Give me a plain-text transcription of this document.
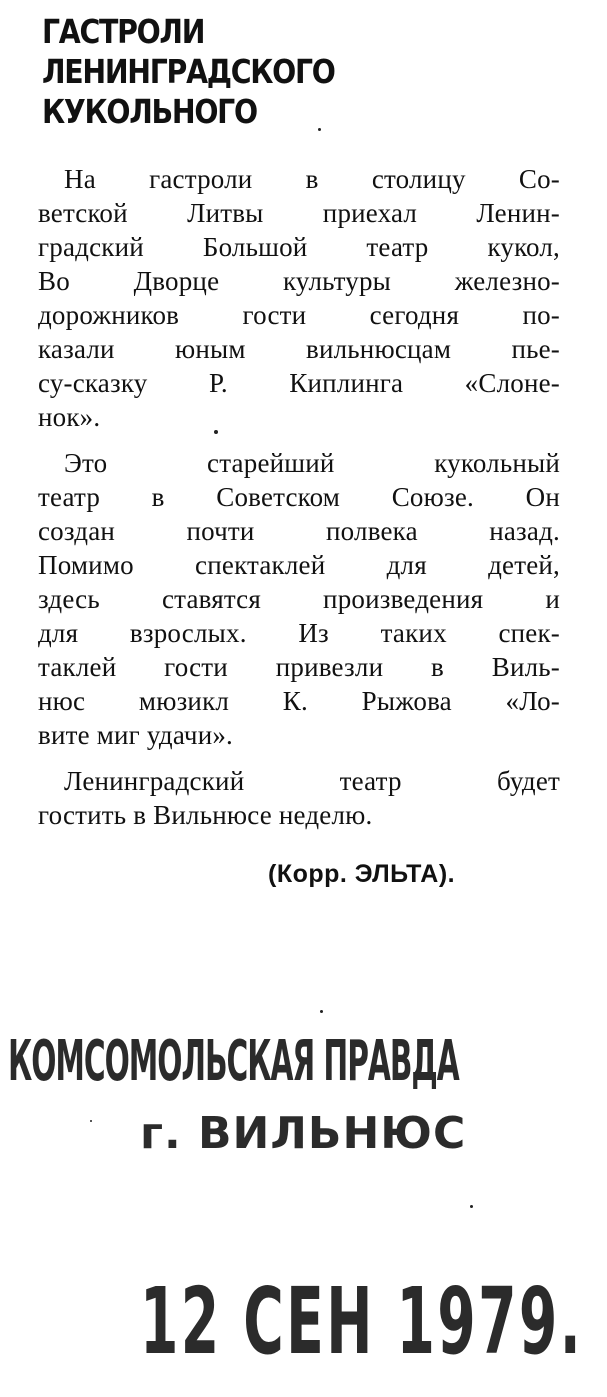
ГАСТРОЛИ
ЛЕНИНГРАДСКОГО
КУКОЛЬНОГО

На гастроли в столицу Со-
ветской Литвы приехал Ленин-
градский Большой театр кукол,
Во Дворце культуры железно-
дорожников гости сегодня по-
казали юным вильнюсцам пье-
су-сказку Р. Киплинга «Слоне-
нок».

Это старейший кукольный
театр в Советском Союзе. Он
создан почти полвека назад.
Помимо спектаклей для детей,
здесь ставятся произведения и
для взрослых. Из таких спек-
таклей гости привезли в Виль-
нюс мюзикл К. Рыжова «Ло-
вите миг удачи».

Ленинградский театр будет
гостить в Вильнюсе неделю.

(Корр. ЭЛЬТА).

КОМСОМОЛЬСКАЯ ПРАВДА

г. ВИЛЬНЮС

12 СЕН 1979.
